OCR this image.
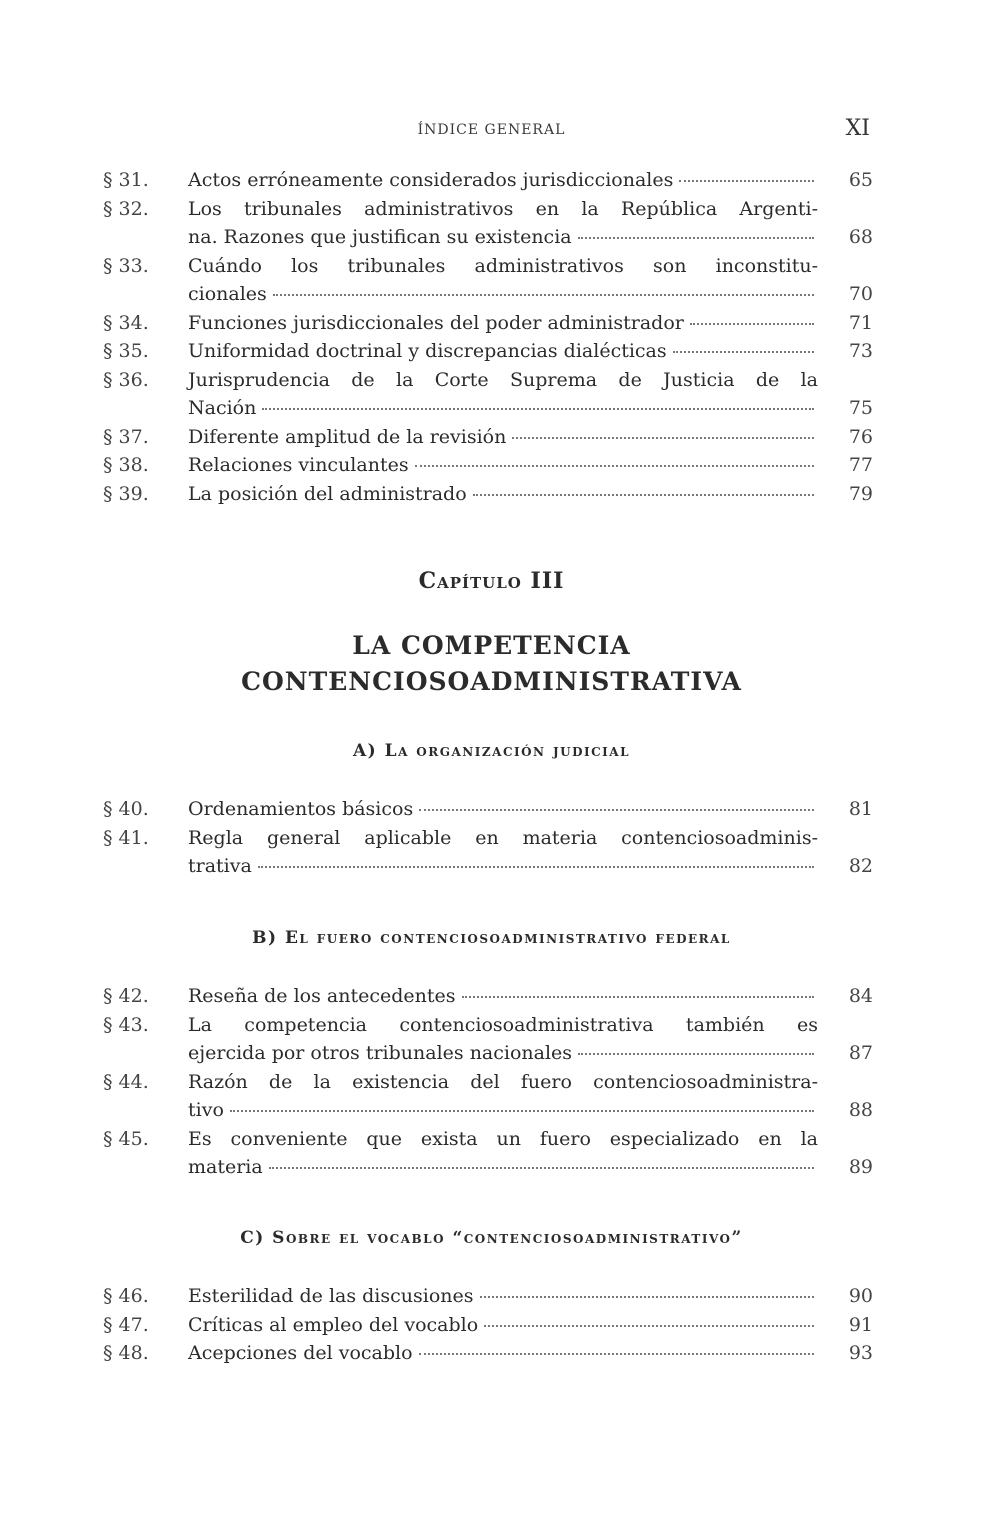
ÍNDICE GENERAL	XI
§ 31.	Actos erróneamente considerados jurisdiccionales	65
§ 32.	Los tribunales administrativos en la República Argenti-
na. Razones que justifican su existencia	68
§ 33.	Cuándo los tribunales administrativos son inconstitu-
cionales	70
§ 34.	Funciones jurisdiccionales del poder administrador	71
§ 35.	Uniformidad doctrinal y discrepancias dialécticas	73
§ 36.	Jurisprudencia de la Corte Suprema de Justicia de la
Nación	75
§ 37.	Diferente amplitud de la revisión	76
§ 38.	Relaciones vinculantes	77
§ 39.	La posición del administrado	79
Capítulo III
LA COMPETENCIA
CONTENCIOSOADMINISTRATIVA
A) La organización judicial
§ 40.	Ordenamientos básicos	81
§ 41.	Regla general aplicable en materia contenciosoadminis-
trativa	82
B) El fuero contenciosoadministrativo federal
§ 42.	Reseña de los antecedentes	84
§ 43.	La competencia contenciosoadministrativa también es
ejercida por otros tribunales nacionales	87
§ 44.	Razón de la existencia del fuero contenciosoadministra-
tivo	88
§ 45.	Es conveniente que exista un fuero especializado en la
materia	89
C) Sobre el vocablo “contenciosoadministrativo”
§ 46.	Esterilidad de las discusiones	90
§ 47.	Críticas al empleo del vocablo	91
§ 48.	Acepciones del vocablo	93
